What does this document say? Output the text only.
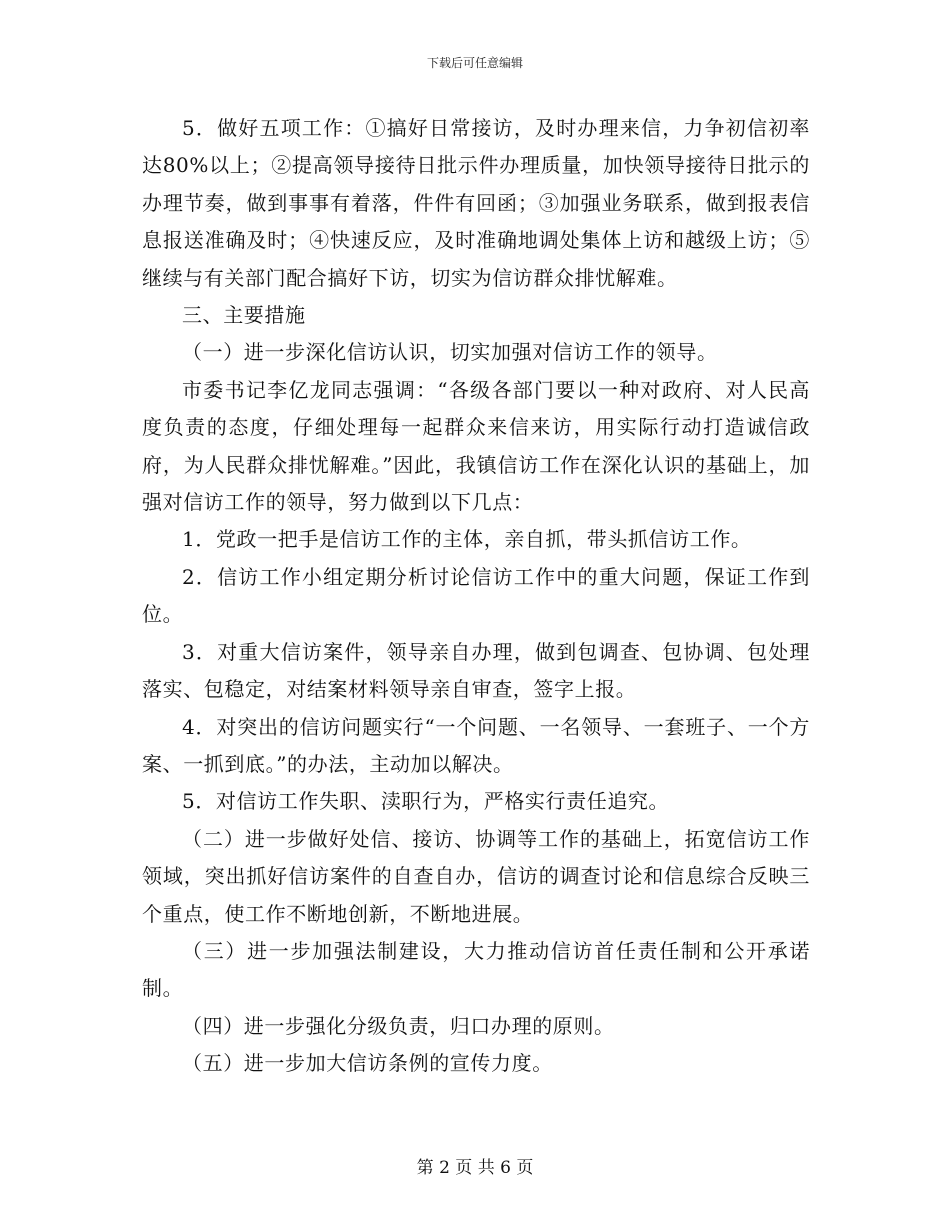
下载后可任意编辑

5．做好五项工作：①搞好日常接访，及时办理来信，力争初信初率达80%以上；②提高领导接待日批示件办理质量，加快领导接待日批示的办理节奏，做到事事有着落，件件有回函；③加强业务联系，做到报表信息报送准确及时；④快速反应，及时准确地调处集体上访和越级上访；⑤继续与有关部门配合搞好下访，切实为信访群众排忧解难。

三、主要措施

（一）进一步深化信访认识，切实加强对信访工作的领导。

市委书记李亿龙同志强调：“各级各部门要以一种对政府、对人民高度负责的态度，仔细处理每一起群众来信来访，用实际行动打造诚信政府，为人民群众排忧解难。”因此，我镇信访工作在深化认识的基础上，加强对信访工作的领导，努力做到以下几点：

1．党政一把手是信访工作的主体，亲自抓，带头抓信访工作。

2．信访工作小组定期分析讨论信访工作中的重大问题，保证工作到位。

3．对重大信访案件，领导亲自办理，做到包调查、包协调、包处理落实、包稳定，对结案材料领导亲自审查，签字上报。

4．对突出的信访问题实行“一个问题、一名领导、一套班子、一个方案、一抓到底。”的办法，主动加以解决。

5．对信访工作失职、渎职行为，严格实行责任追究。

（二）进一步做好处信、接访、协调等工作的基础上，拓宽信访工作领域，突出抓好信访案件的自查自办，信访的调查讨论和信息综合反映三个重点，使工作不断地创新，不断地进展。

（三）进一步加强法制建设，大力推动信访首任责任制和公开承诺制。

（四）进一步强化分级负责，归口办理的原则。

（五）进一步加大信访条例的宣传力度。

第 2 页 共 6 页
